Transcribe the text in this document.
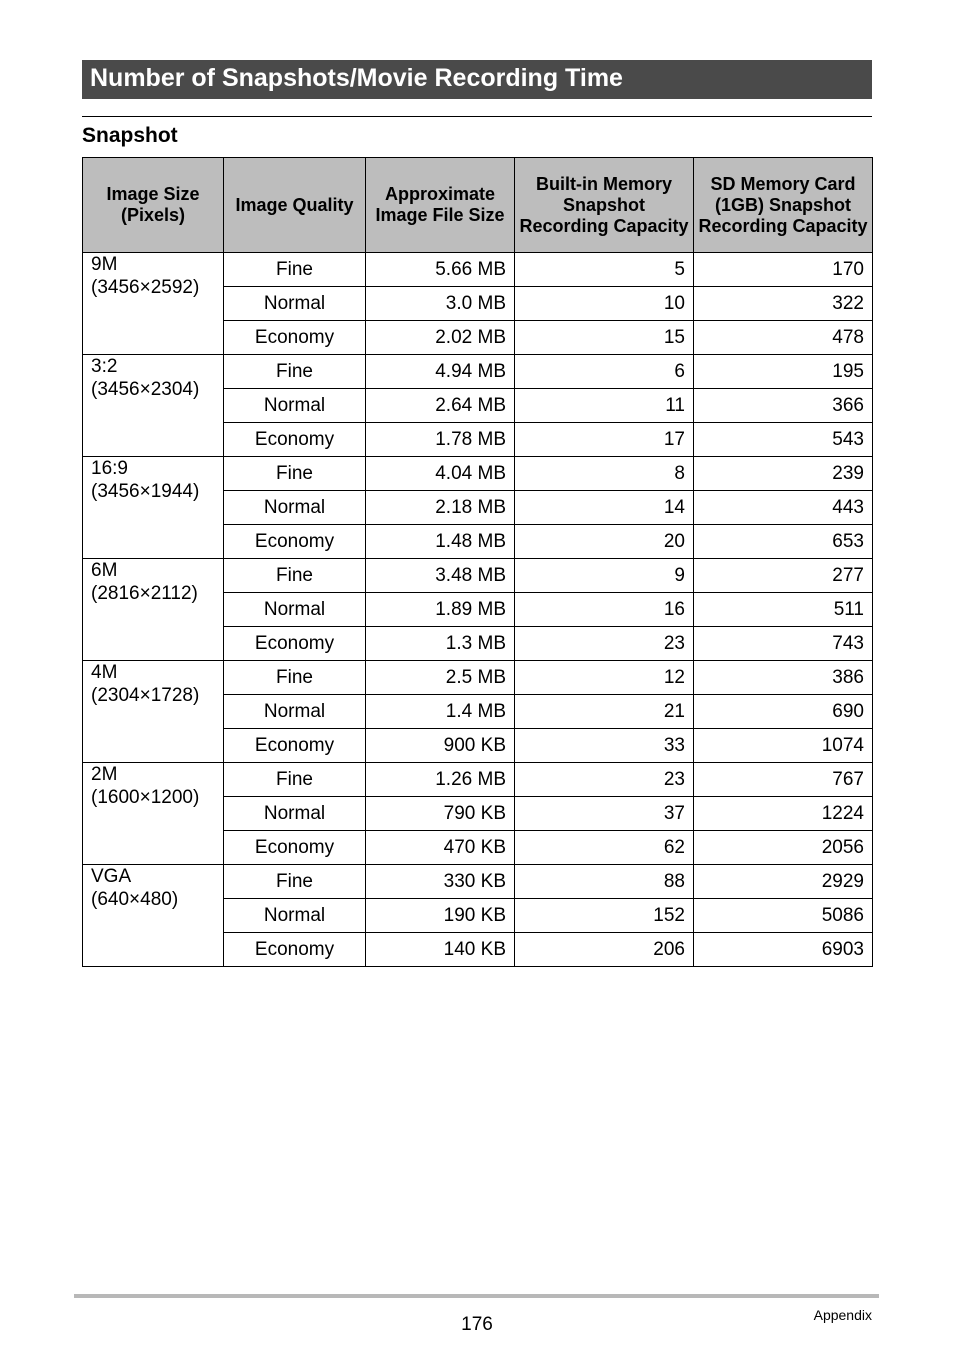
Number of Snapshots/Movie Recording Time
Snapshot
Image Size (Pixels)	Image Quality	Approximate Image File Size	Built-in Memory Snapshot Recording Capacity	SD Memory Card (1GB) Snapshot Recording Capacity

9M
(3456×2592)	Fine	5.66 MB	5	170
	Normal	3.0 MB	10	322
	Economy	2.02 MB	15	478

3:2
(3456×2304)	Fine	4.94 MB	6	195
	Normal	2.64 MB	11	366
	Economy	1.78 MB	17	543

16:9
(3456×1944)	Fine	4.04 MB	8	239
	Normal	2.18 MB	14	443
	Economy	1.48 MB	20	653

6M
(2816×2112)	Fine	3.48 MB	9	277
	Normal	1.89 MB	16	511
	Economy	1.3 MB	23	743

4M
(2304×1728)	Fine	2.5 MB	12	386
	Normal	1.4 MB	21	690
	Economy	900 KB	33	1074

2M
(1600×1200)	Fine	1.26 MB	23	767
	Normal	790 KB	37	1224
	Economy	470 KB	62	2056

VGA
(640×480)	Fine	330 KB	88	2929
	Normal	190 KB	152	5086
	Economy	140 KB	206	6903
176	Appendix
